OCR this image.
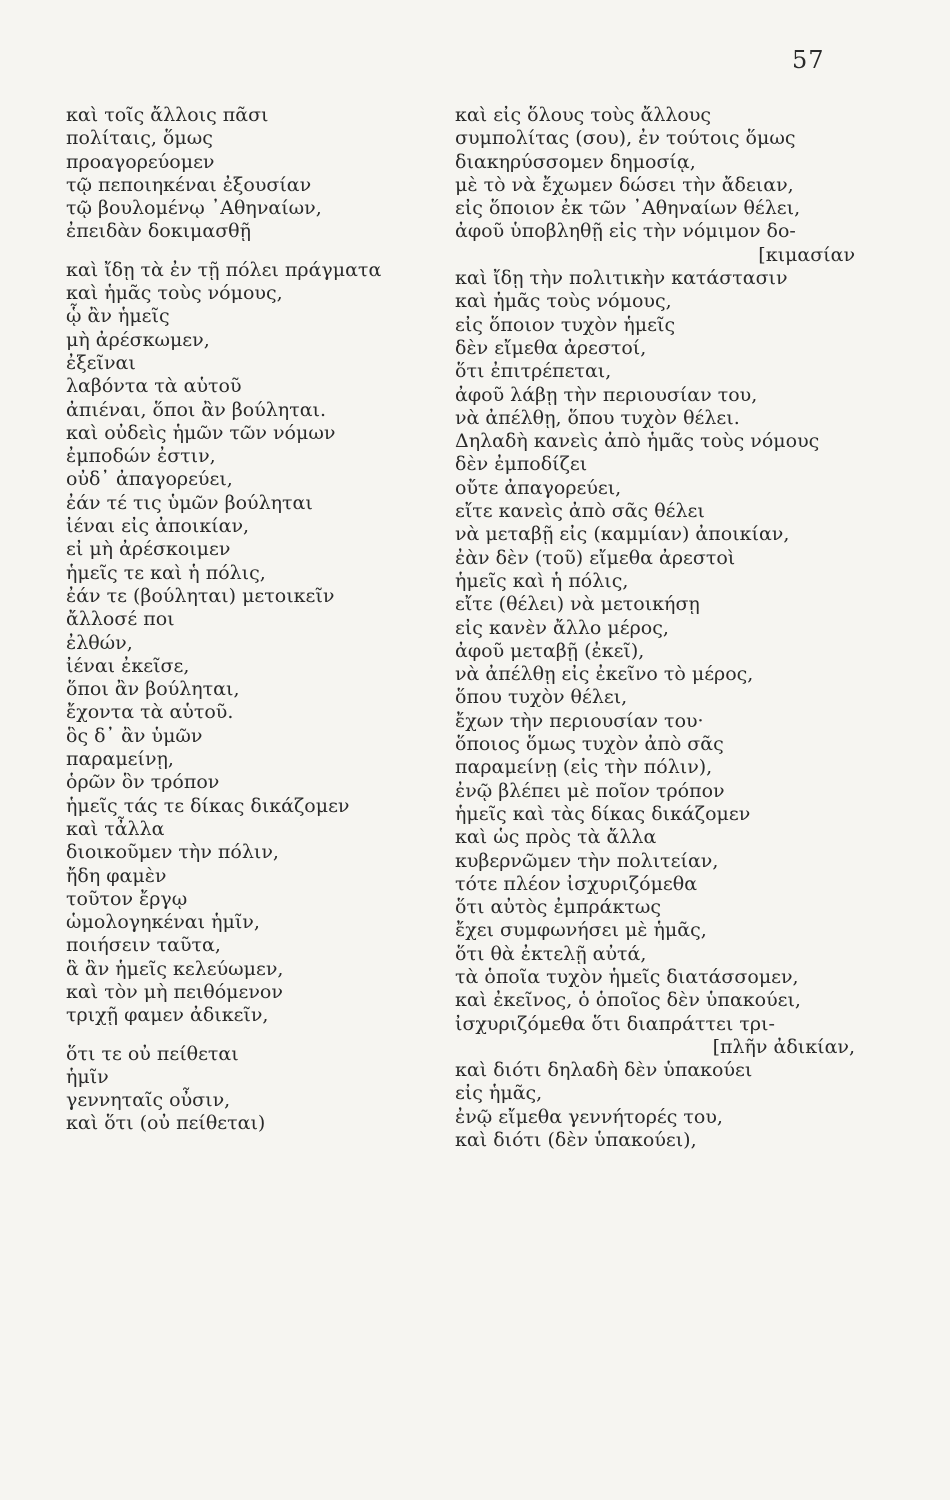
57
καὶ τοῖς ἄλλοις πᾶσι
πολίταις, ὅμως
προαγορεύομεν
τῷ πεποιηκέναι ἐξουσίαν
τῷ βουλομένῳ ᾿Αθηναίων,
ἐπειδὰν δοκιμασθῇ
καὶ ἴδῃ τὰ ἐν τῇ πόλει πράγματα
καὶ ἡμᾶς τοὺς νόμους,
ᾧ ἂν ἡμεῖς
μὴ ἀρέσκωμεν,
ἐξεῖναι
λαβόντα τὰ αὑτοῦ
ἀπιέναι, ὅποι ἂν βούληται.
καὶ οὐδεὶς ἡμῶν τῶν νόμων
ἐμποδών ἐστιν,
οὐδ᾿ ἀπαγορεύει,
ἐάν τέ τις ὑμῶν βούληται
ἰέναι εἰς ἀποικίαν,
εἰ μὴ ἀρέσκοιμεν
ἡμεῖς τε καὶ ἡ πόλις,
ἐάν τε (βούληται) μετοικεῖν
ἄλλοσέ ποι
ἐλθών,
ἰέναι ἐκεῖσε,
ὅποι ἂν βούληται,
ἔχοντα τὰ αὑτοῦ.
ὃς δ᾿ ἂν ὑμῶν
παραμείνῃ,
ὁρῶν ὃν τρόπον
ἡμεῖς τάς τε δίκας δικάζομεν
καὶ τἆλλα
διοικοῦμεν τὴν πόλιν,
ἤδη φαμὲν
τοῦτον ἔργῳ
ὡμολογηκέναι ἡμῖν,
ποιήσειν ταῦτα,
ἃ ἂν ἡμεῖς κελεύωμεν,
καὶ τὸν μὴ πειθόμενον
τριχῇ φαμεν ἀδικεῖν,
ὅτι τε οὐ πείθεται
ἡμῖν
γεννηταῖς οὖσιν,
καὶ ὅτι (οὐ πείθεται)
καὶ εἰς ὅλους τοὺς ἄλλους
συμπολίτας (σου), ἐν τούτοις ὅμως
διακηρύσσομεν δημοσίᾳ,
μὲ τὸ νὰ ἔχωμεν δώσει τὴν ἄδειαν,
εἰς ὅποιον ἐκ τῶν ᾿Αθηναίων θέλει,
ἀφοῦ ὑποβληθῇ εἰς τὴν νόμιμον δο-
[κιμασίαν
καὶ ἴδῃ τὴν πολιτικὴν κατάστασιν
καὶ ἡμᾶς τοὺς νόμους,
εἰς ὅποιον τυχὸν ἡμεῖς
δὲν εἴμεθα ἀρεστοί,
ὅτι ἐπιτρέπεται,
ἀφοῦ λάβῃ τὴν περιουσίαν του,
νὰ ἀπέλθῃ, ὅπου τυχὸν θέλει.
Δηλαδὴ κανεὶς ἀπὸ ἡμᾶς τοὺς νόμους
δὲν ἐμποδίζει
οὔτε ἀπαγορεύει,
εἴτε κανεὶς ἀπὸ σᾶς θέλει
νὰ μεταβῇ εἰς (καμμίαν) ἀποικίαν,
ἐὰν δὲν (τοῦ) εἴμεθα ἀρεστοὶ
ἡμεῖς καὶ ἡ πόλις,
εἴτε (θέλει) νὰ μετοικήσῃ
εἰς κανὲν ἄλλο μέρος,
ἀφοῦ μεταβῇ (ἐκεῖ),
νὰ ἀπέλθῃ εἰς ἐκεῖνο τὸ μέρος,
ὅπου τυχὸν θέλει,
ἔχων τὴν περιουσίαν του·
ὅποιος ὅμως τυχὸν ἀπὸ σᾶς
παραμείνῃ (εἰς τὴν πόλιν),
ἐνῷ βλέπει μὲ ποῖον τρόπον
ἡμεῖς καὶ τὰς δίκας δικάζομεν
καὶ ὡς πρὸς τὰ ἄλλα
κυβερνῶμεν τὴν πολιτείαν,
τότε πλέον ἰσχυριζόμεθα
ὅτι αὐτὸς ἐμπράκτως
ἔχει συμφωνήσει μὲ ἡμᾶς,
ὅτι θὰ ἐκτελῇ αὐτά,
τὰ ὁποῖα τυχὸν ἡμεῖς διατάσσομεν,
καὶ ἐκεῖνος, ὁ ὁποῖος δὲν ὑπακούει,
ἰσχυριζόμεθα ὅτι διαπράττει τρι-
[πλῆν ἀδικίαν,
καὶ διότι δηλαδὴ δὲν ὑπακούει
εἰς ἡμᾶς,
ἐνῷ εἴμεθα γεννήτορές του,
καὶ διότι (δὲν ὑπακούει),
